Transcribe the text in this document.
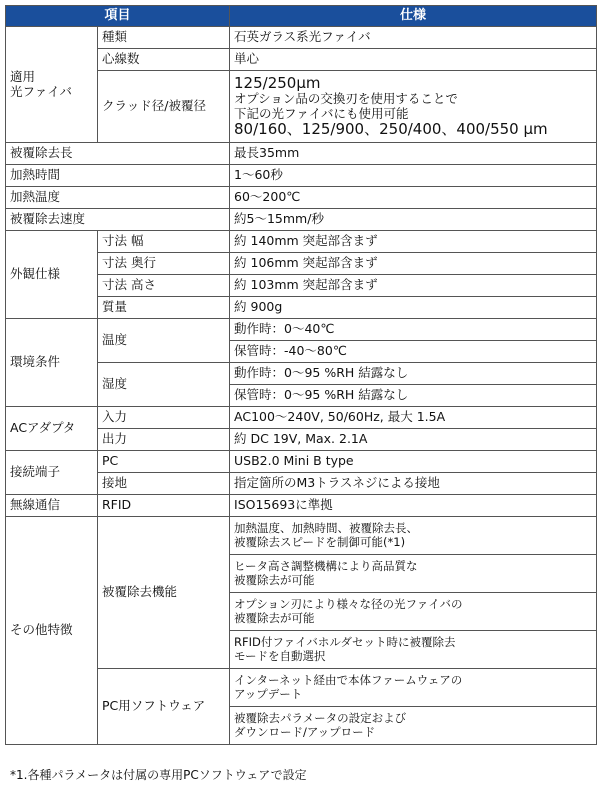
項目		仕様
適用
光ファイバ	種類	石英ガラス系光ファイバ
	心線数	単心
	クラッド径/被覆径	125/250μm
オプション品の交換刃を使用することで
下記の光ファイバにも使用可能
80/160、125/900、250/400、400/550 μm

被覆除去長		最長35mm
加熱時間		1～60秒
加熱温度		60～200℃
被覆除去速度		約5～15mm/秒
外観仕様	寸法 幅	約 140mm 突起部含まず
	寸法 奥行	約 106mm 突起部含まず
	寸法 高さ	約 103mm 突起部含まず
	質量	約 900g
環境条件	温度	動作時：0～40℃
		保管時：-40～80℃
	湿度	動作時：0～95 %RH 結露なし
		保管時：0～95 %RH 結露なし
ACアダプタ	入力	AC100～240V, 50/60Hz, 最大 1.5A
	出力	約 DC 19V, Max. 2.1A
接続端子	PC	USB2.0 Mini B type
	接地	指定箇所のM3トラスネジによる接地
無線通信	RFID	ISO15693に準拠
その他特徴	被覆除去機能	加熱温度、加熱時間、被覆除去長、
被覆除去スピードを制御可能(*1)

		ヒータ高さ調整機構により高品質な
被覆除去が可能

		オプション刃により様々な径の光ファイバの
被覆除去が可能

		RFID付ファイバホルダセット時に被覆除去
モードを自動選択

	PC用ソフトウェア	インターネット経由で本体ファームウェアの
アップデート

		被覆除去パラメータの設定および
ダウンロード/アップロード
*1.各種パラメータは付属の専用PCソフトウェアで設定
